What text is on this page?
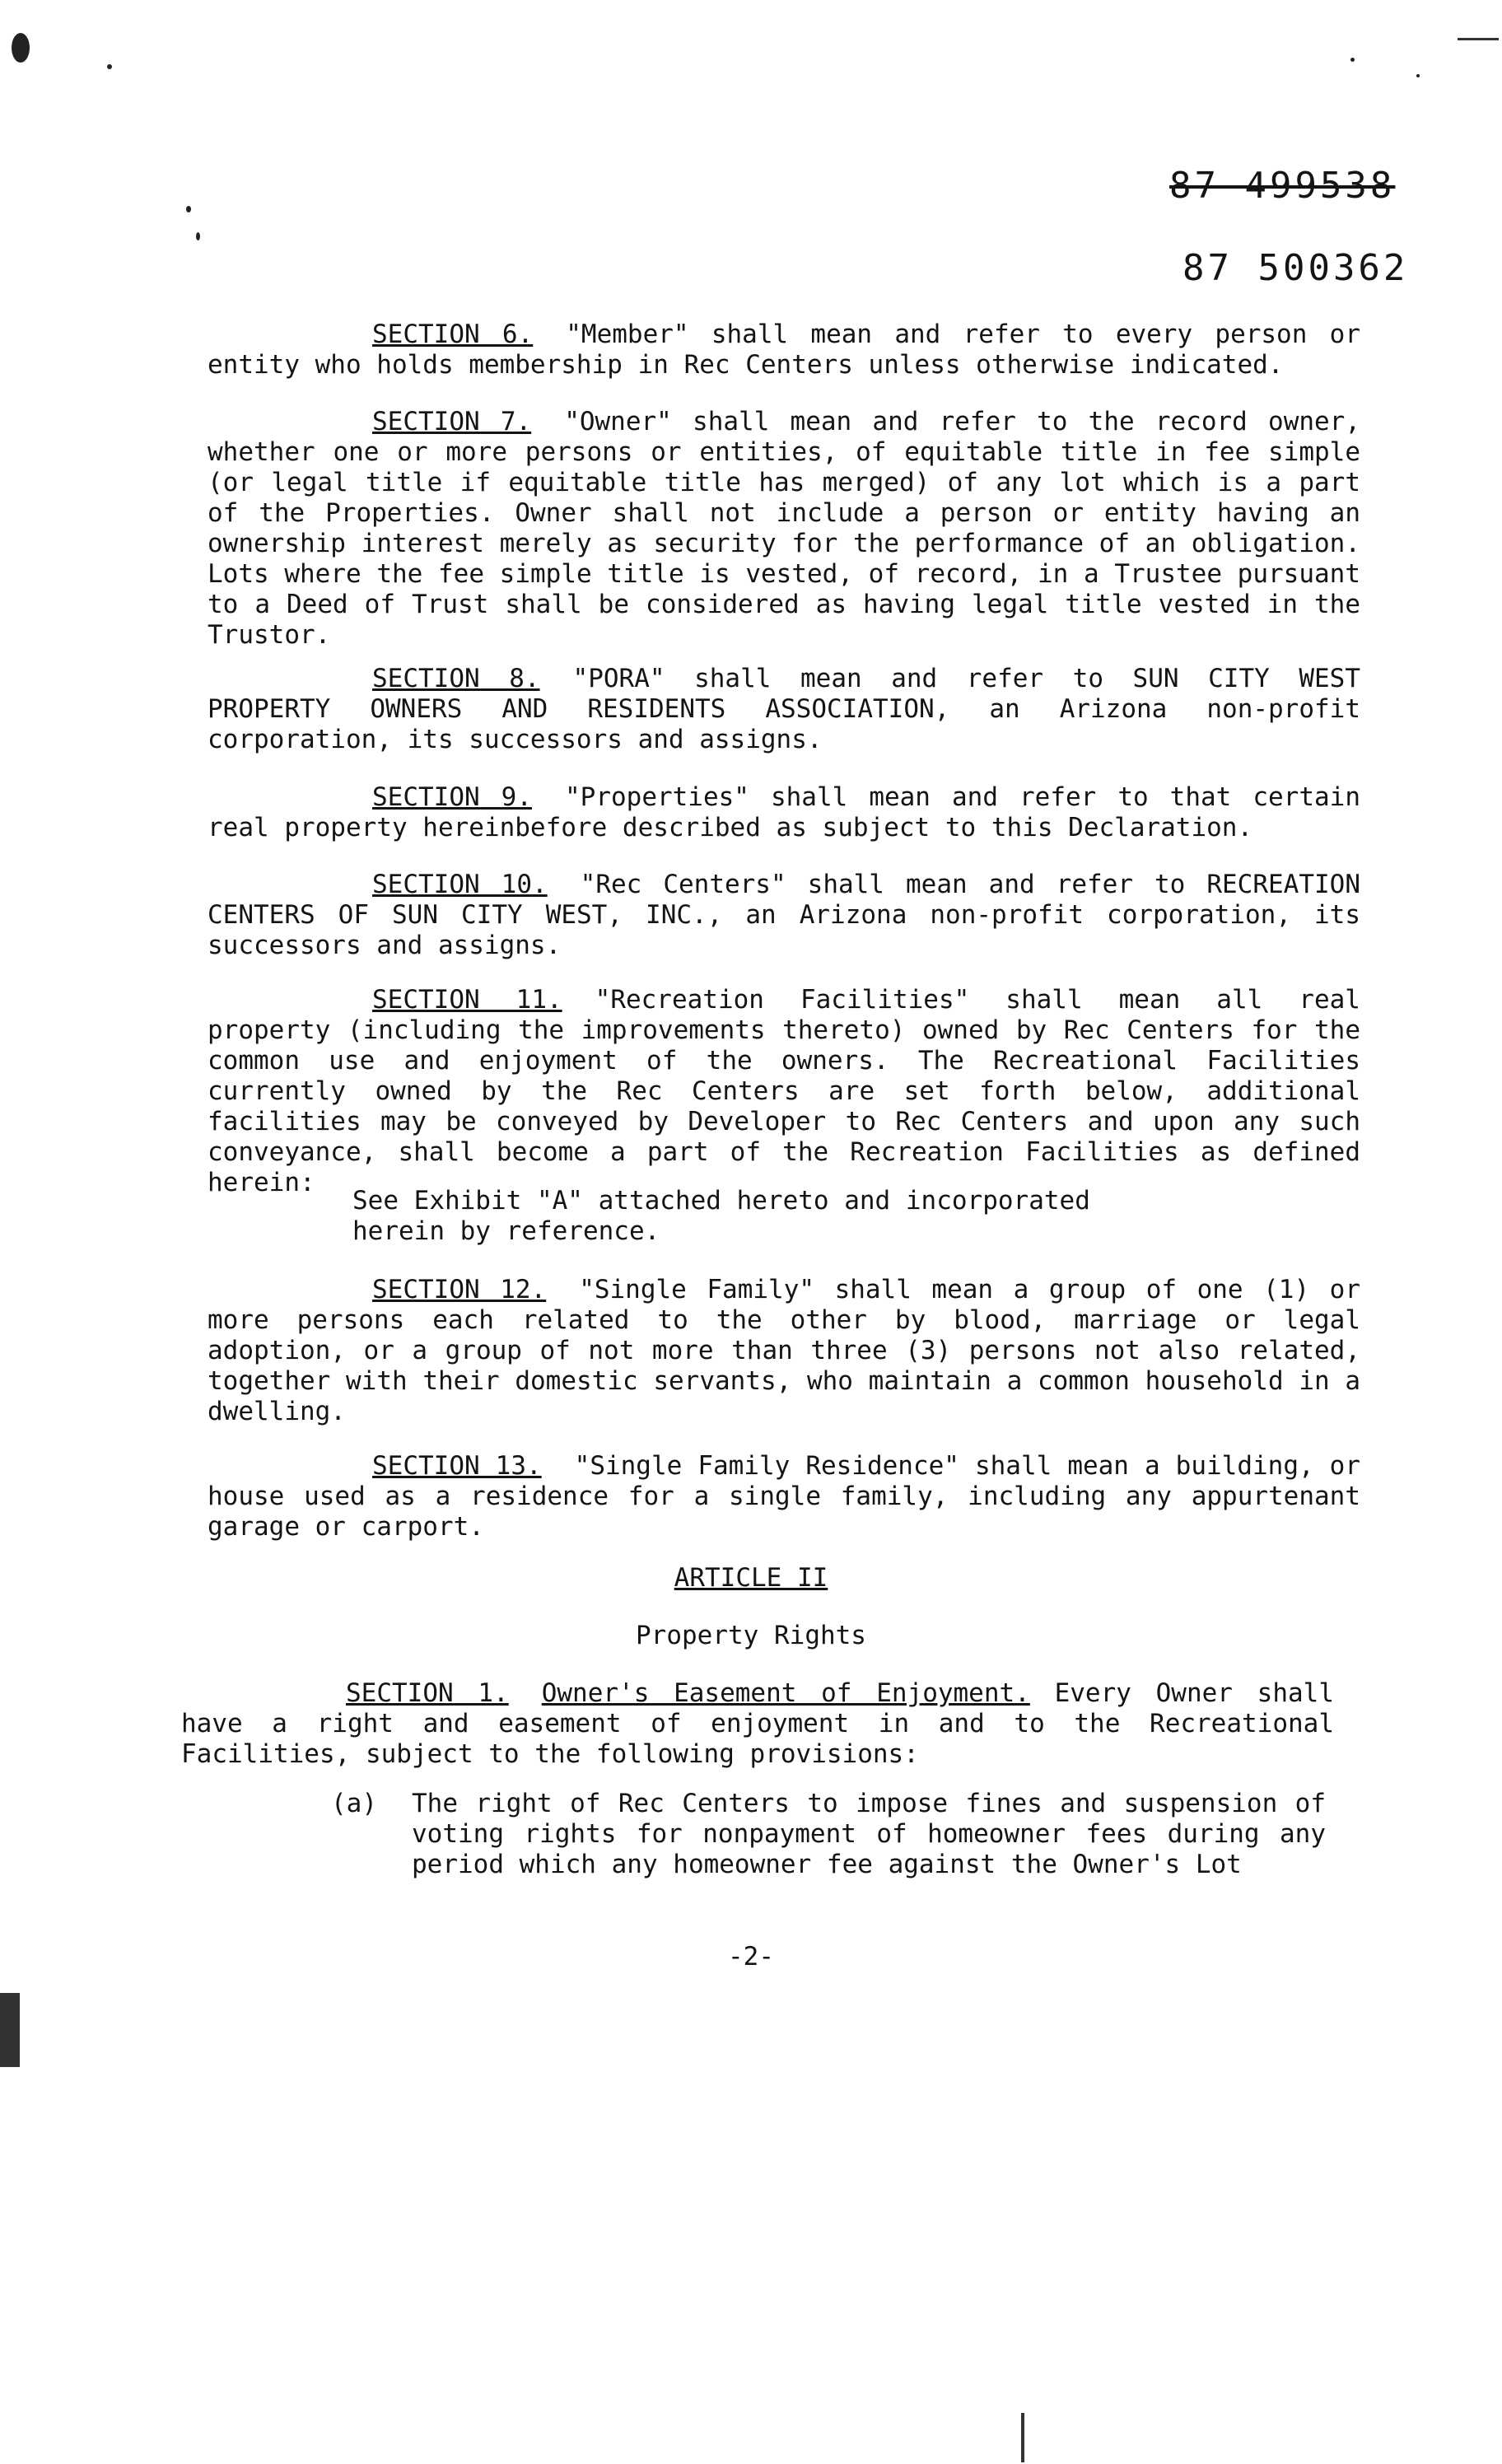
87 499538
87 500362
SECTION 6. "Member" shall mean and refer to every person or entity who holds membership in Rec Centers unless otherwise indicated.
SECTION 7. "Owner" shall mean and refer to the record owner, whether one or more persons or entities, of equitable title in fee simple (or legal title if equitable title has merged) of any lot which is a part of the Properties. Owner shall not include a person or entity having an ownership interest merely as security for the performance of an obligation. Lots where the fee simple title is vested, of record, in a Trustee pursuant to a Deed of Trust shall be considered as having legal title vested in the Trustor.
SECTION 8. "PORA" shall mean and refer to SUN CITY WEST PROPERTY OWNERS AND RESIDENTS ASSOCIATION, an Arizona non-profit corporation, its successors and assigns.
SECTION 9. "Properties" shall mean and refer to that certain real property hereinbefore described as subject to this Declaration.
SECTION 10. "Rec Centers" shall mean and refer to RECREATION CENTERS OF SUN CITY WEST, INC., an Arizona non-profit corporation, its successors and assigns.
SECTION 11. "Recreation Facilities" shall mean all real property (including the improvements thereto) owned by Rec Centers for the common use and enjoyment of the owners. The Recreational Facilities currently owned by the Rec Centers are set forth below, additional facilities may be conveyed by Developer to Rec Centers and upon any such conveyance, shall become a part of the Recreation Facilities as defined herein:
See Exhibit "A" attached hereto and incorporated herein by reference.
SECTION 12. "Single Family" shall mean a group of one (1) or more persons each related to the other by blood, marriage or legal adoption, or a group of not more than three (3) persons not also related, together with their domestic servants, who maintain a common household in a dwelling.
SECTION 13. "Single Family Residence" shall mean a building, or house used as a residence for a single family, including any appurtenant garage or carport.
ARTICLE II
Property Rights
SECTION 1. Owner's Easement of Enjoyment. Every Owner shall have a right and easement of enjoyment in and to the Recreational Facilities, subject to the following provisions:
(a) The right of Rec Centers to impose fines and suspension of voting rights for nonpayment of homeowner fees during any period which any homeowner fee against the Owner's Lot
-2-
